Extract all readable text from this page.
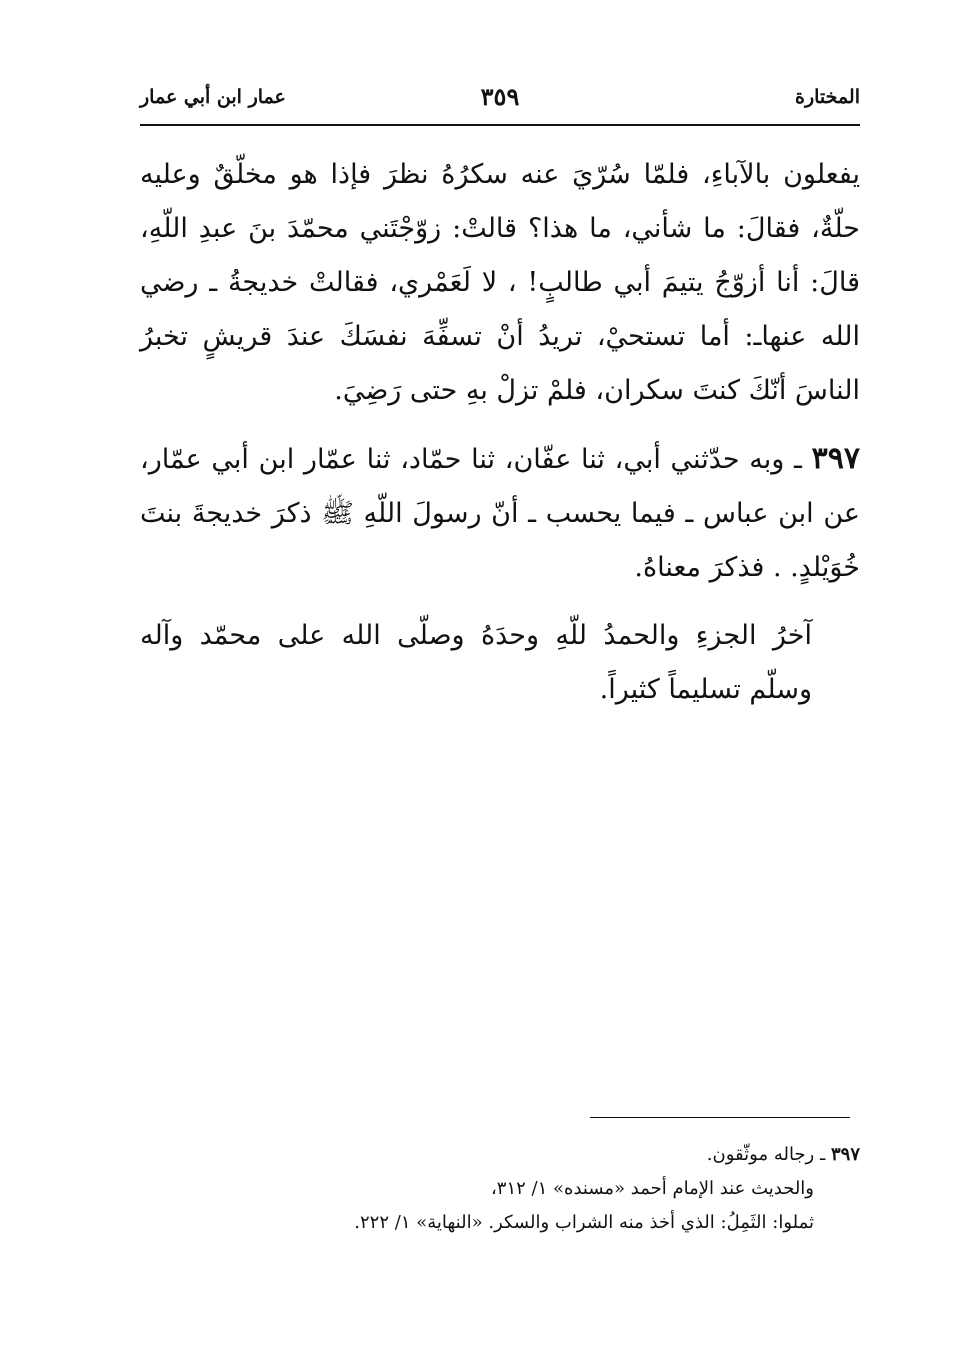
المختارة
٣٥٩
عمار ابن أبي عمار

يفعلون بالآباءِ، فلمّا سُرّيَ عنه سكرُهُ نظرَ فإذا هو مخلّقٌ وعليه حلّةٌ، فقالَ: ما شأني، ما هذا؟ قالتْ: زوّجْتَني محمّدَ بنَ عبدِ اللّهِ، قالَ: أنا أزوّجُ يتيمَ أبي طالبٍ! ، لا لَعَمْري، فقالتْ خديجةُ ـ رضي الله عنهاـ: أما تستحيْ، تريدُ أنْ تسفِّهَ نفسَكَ عندَ قريشٍ تخبرُ الناسَ أنّكَ كنتَ سكران، فلمْ تزلْ بهِ حتى رَضِيَ.

٣٩٧ ـ وبه حدّثني أبي، ثنا عفّان، ثنا حمّاد، ثنا عمّار ابن أبي عمّار، عن ابن عباس ـ فيما يحسب ـ أنّ رسولَ اللّهِ ﷺ ذكرَ خديجةَ بنتَ خُوَيْلدٍ. . فذكرَ معناهُ.

آخرُ الجزءِ والحمدُ للّهِ وحدَهُ وصلّى الله على محمّد وآله وسلّم تسليماً كثيراً.

٣٩٧ ـ رجاله موثّقون.

والحديث عند الإمام أحمد «مسنده» ١/ ٣١٢،

ثملوا: الثَمِلُ: الذي أخذ منه الشراب والسكر. «النهاية» ١/ ٢٢٢.
